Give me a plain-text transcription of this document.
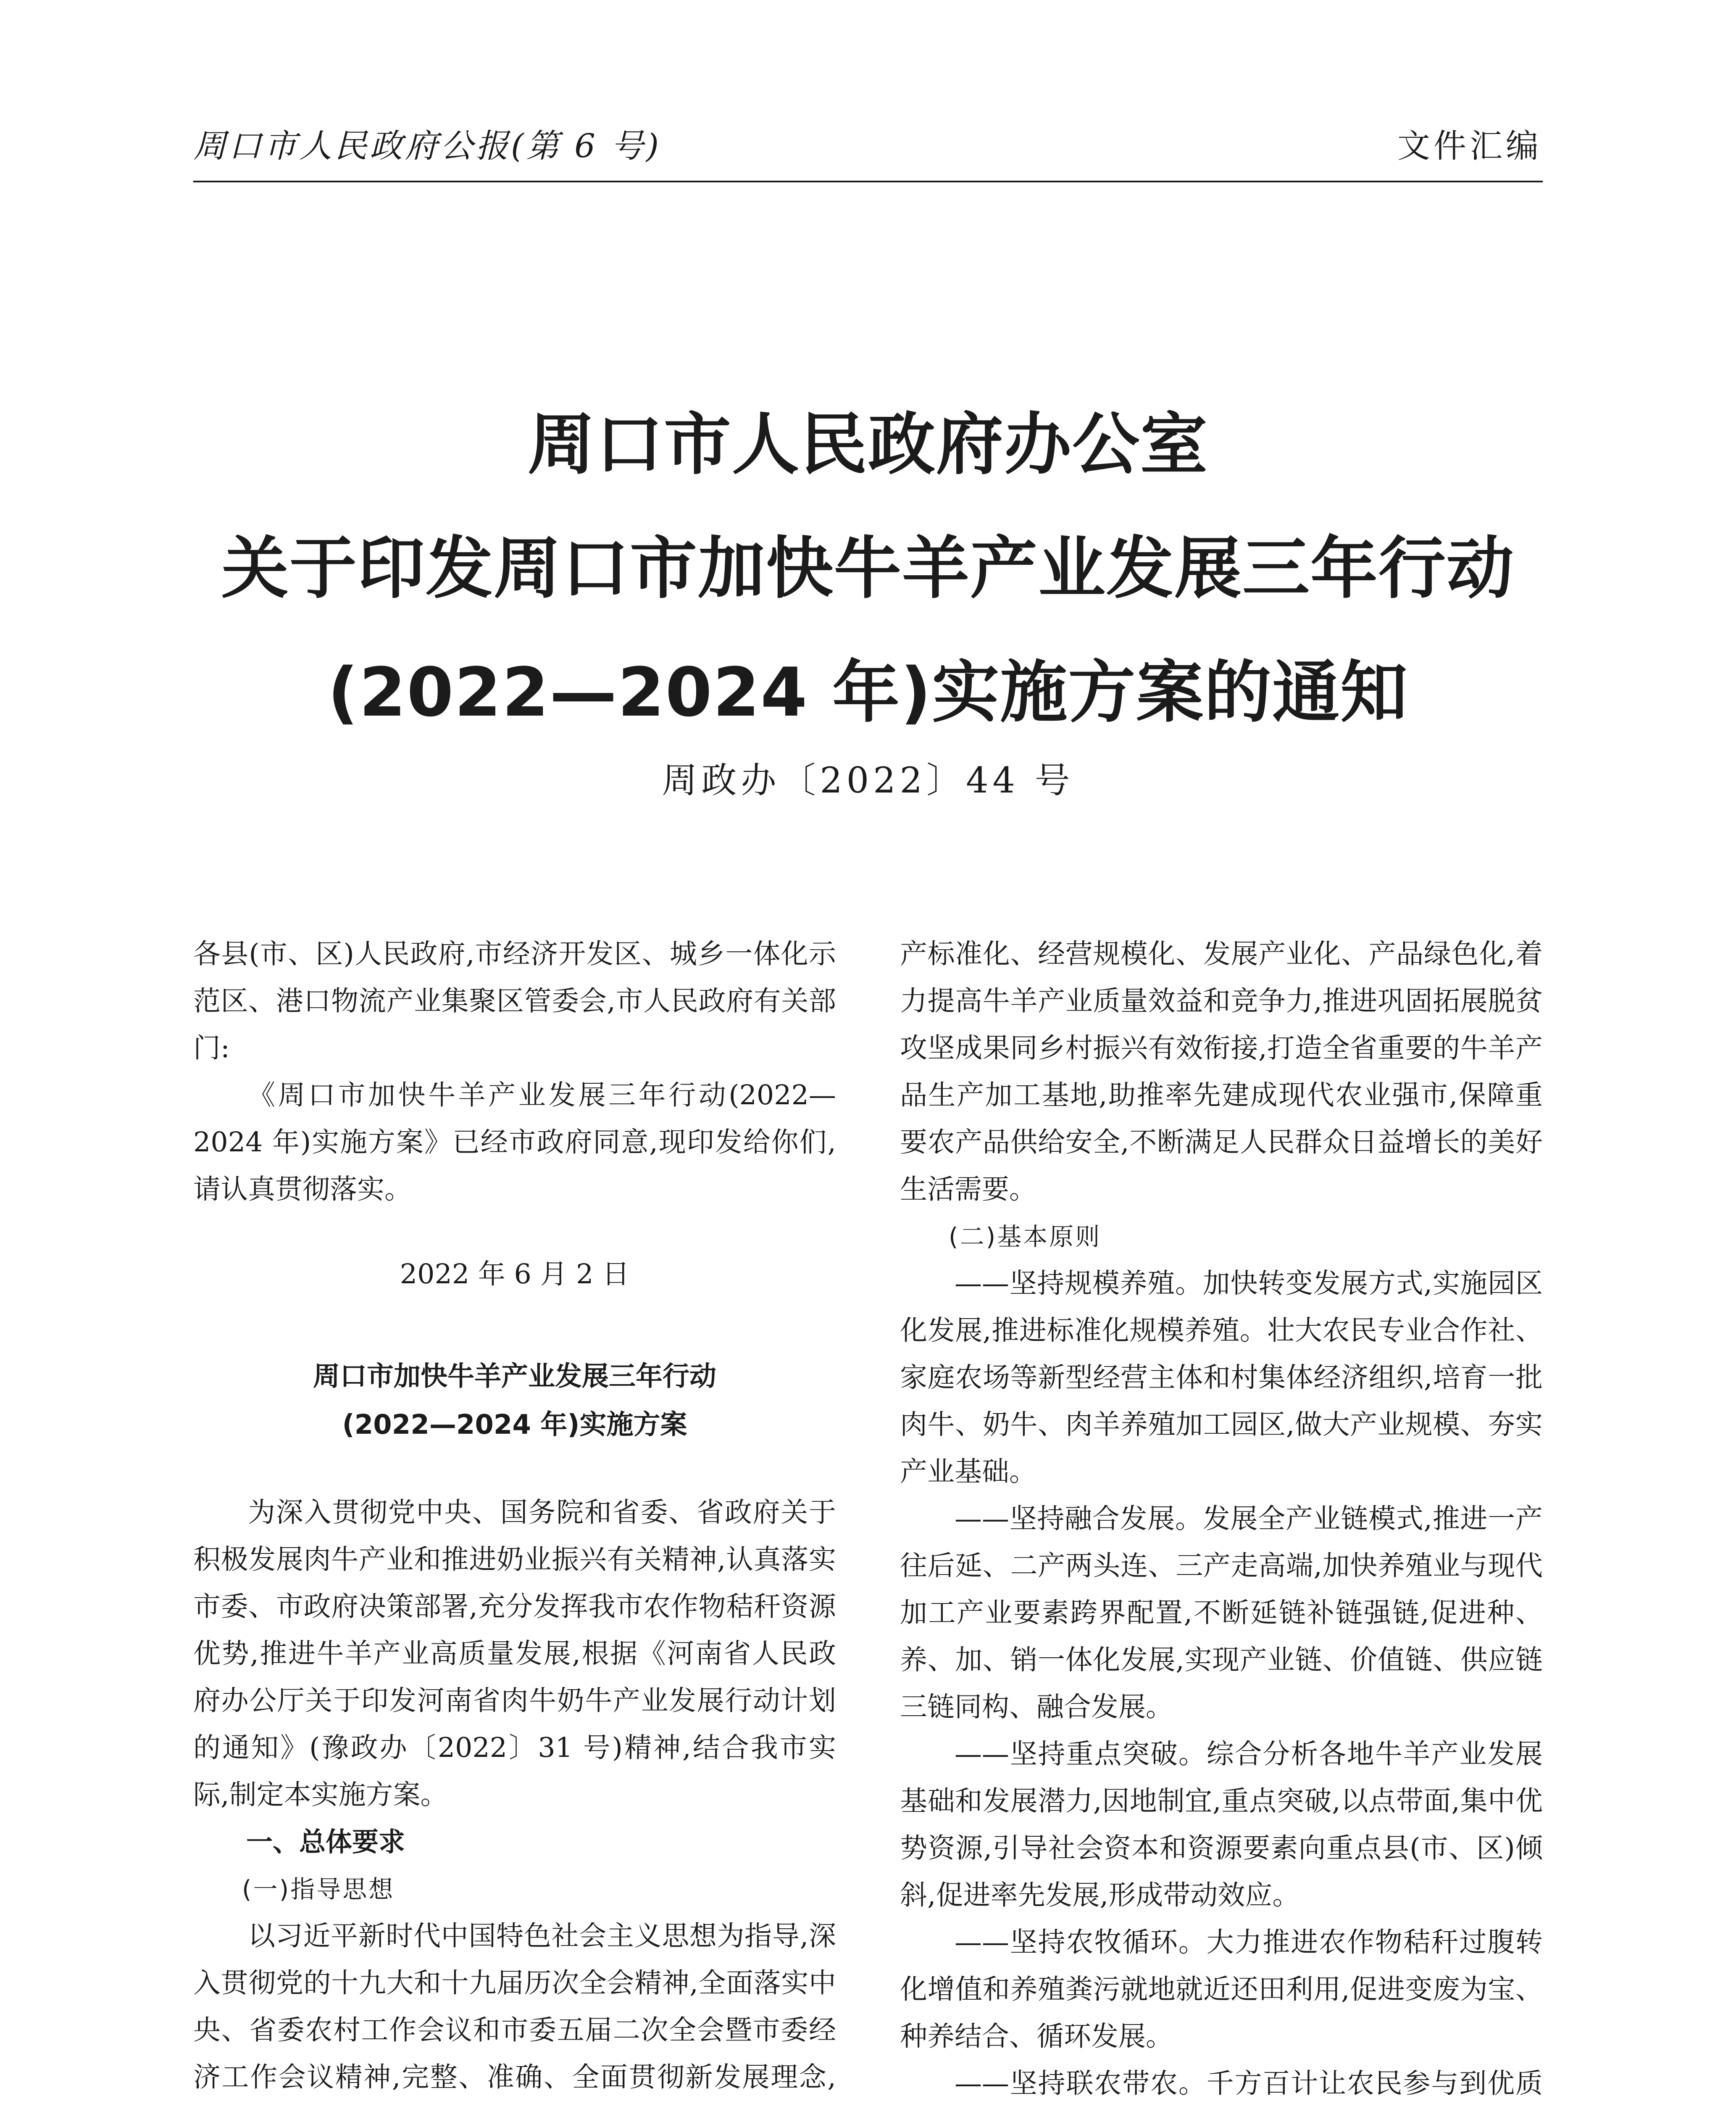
周口市人民政府公报(第 6 号)	文件汇编
周口市人民政府办公室
关于印发周口市加快牛羊产业发展三年行动
(2022—2024 年)实施方案的通知
周政办〔2022〕44 号

各县(市、区)人民政府,市经济开发区、城乡一体化示范区、港口物流产业集聚区管委会,市人民政府有关部门:

《周口市加快牛羊产业发展三年行动(2022—2024 年)实施方案》已经市政府同意,现印发给你们,请认真贯彻落实。

2022 年 6 月 2 日

周口市加快牛羊产业发展三年行动

(2022—2024 年)实施方案

为深入贯彻党中央、国务院和省委、省政府关于积极发展肉牛产业和推进奶业振兴有关精神,认真落实市委、市政府决策部署,充分发挥我市农作物秸秆资源优势,推进牛羊产业高质量发展,根据《河南省人民政府办公厅关于印发河南省肉牛奶牛产业发展行动计划的通知》(豫政办〔2022〕31 号)精神,结合我市实际,制定本实施方案。

一、总体要求

(一)指导思想

以习近平新时代中国特色社会主义思想为指导,深入贯彻党的十九大和十九届历次全会精神,全面落实中央、省委农村工作会议和市委五届二次全会暨市委经济工作会议精神,完整、准确、全面贯彻新发展理念,

产标准化、经营规模化、发展产业化、产品绿色化,着力提高牛羊产业质量效益和竞争力,推进巩固拓展脱贫攻坚成果同乡村振兴有效衔接,打造全省重要的牛羊产品生产加工基地,助推率先建成现代农业强市,保障重要农产品供给安全,不断满足人民群众日益增长的美好生活需要。

(二)基本原则

——坚持规模养殖。加快转变发展方式,实施园区化发展,推进标准化规模养殖。壮大农民专业合作社、家庭农场等新型经营主体和村集体经济组织,培育一批肉牛、奶牛、肉羊养殖加工园区,做大产业规模、夯实产业基础。

——坚持融合发展。发展全产业链模式,推进一产往后延、二产两头连、三产走高端,加快养殖业与现代加工产业要素跨界配置,不断延链补链强链,促进种、养、加、销一体化发展,实现产业链、价值链、供应链三链同构、融合发展。

——坚持重点突破。综合分析各地牛羊产业发展基础和发展潜力,因地制宜,重点突破,以点带面,集中优势资源,引导社会资本和资源要素向重点县(市、区)倾斜,促进率先发展,形成带动效应。

——坚持农牧循环。大力推进农作物秸秆过腹转化增值和养殖粪污就地就近还田利用,促进变废为宝、种养结合、循环发展。

——坚持联农带农。千方百计让农民参与到优质
